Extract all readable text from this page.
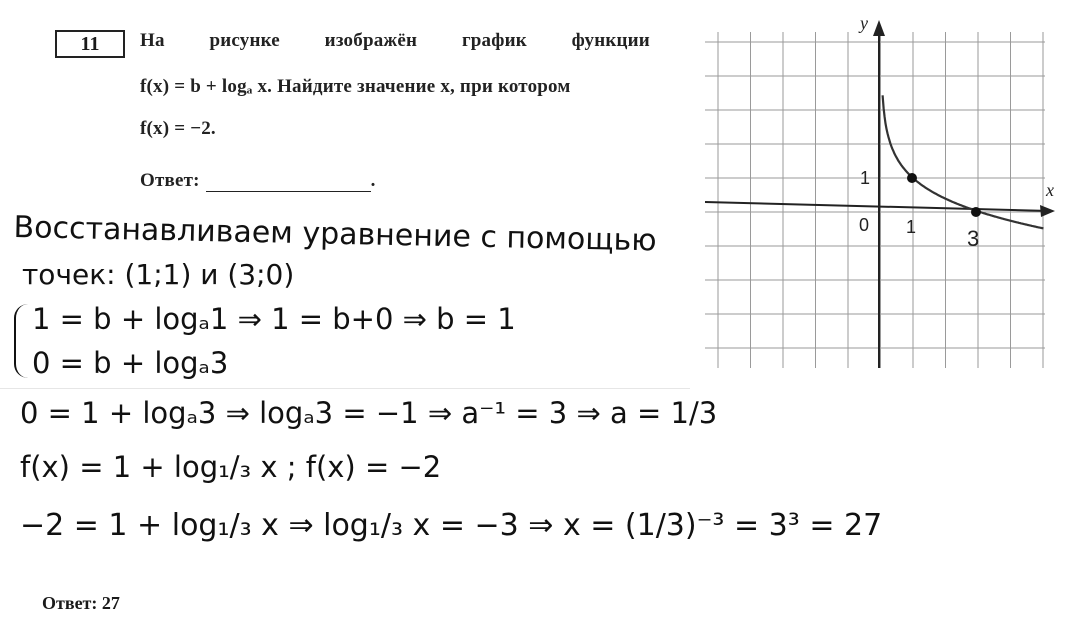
11	На рисунке изображён график функции
f(x) = b + logₐ x. Найдите значение x, при котором
f(x) = −2.
Ответ:	.
y
x
0 1 3
1
Восстанавливаем уравнение с помощью
точек: (1;1) и (3;0)
1 = b + logₐ1 ⇒ 1 = b+0 ⇒ b = 1
0 = b + logₐ3
0 = 1 + logₐ3 ⇒ logₐ3 = −1 ⇒ a⁻¹ = 3 ⇒ a = 1/3
f(x) = 1 + log₁/₃ x ; f(x) = −2
−2 = 1 + log₁/₃ x ⇒ log₁/₃ x = −3 ⇒ x = (1/3)⁻³ = 3³ = 27
Ответ: 27
